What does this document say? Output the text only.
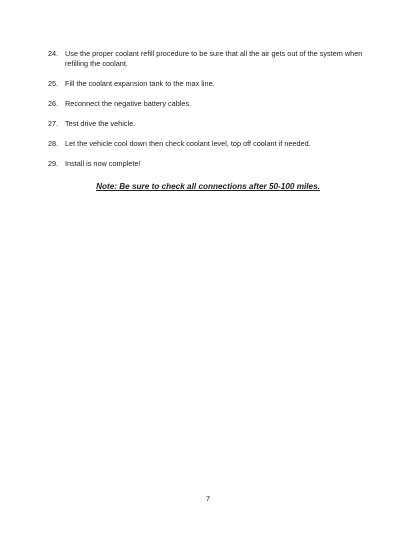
24. Use the proper coolant refill procedure to be sure that all the air gets out of the system when refilling the coolant.
25. Fill the coolant expansion tank to the max line.
26. Reconnect the negative battery cables.
27. Test drive the vehicle.
28. Let the vehicle cool down then check coolant level, top off coolant if needed.
29. Install is now complete!
Note: Be sure to check all connections after 50-100 miles.
7
